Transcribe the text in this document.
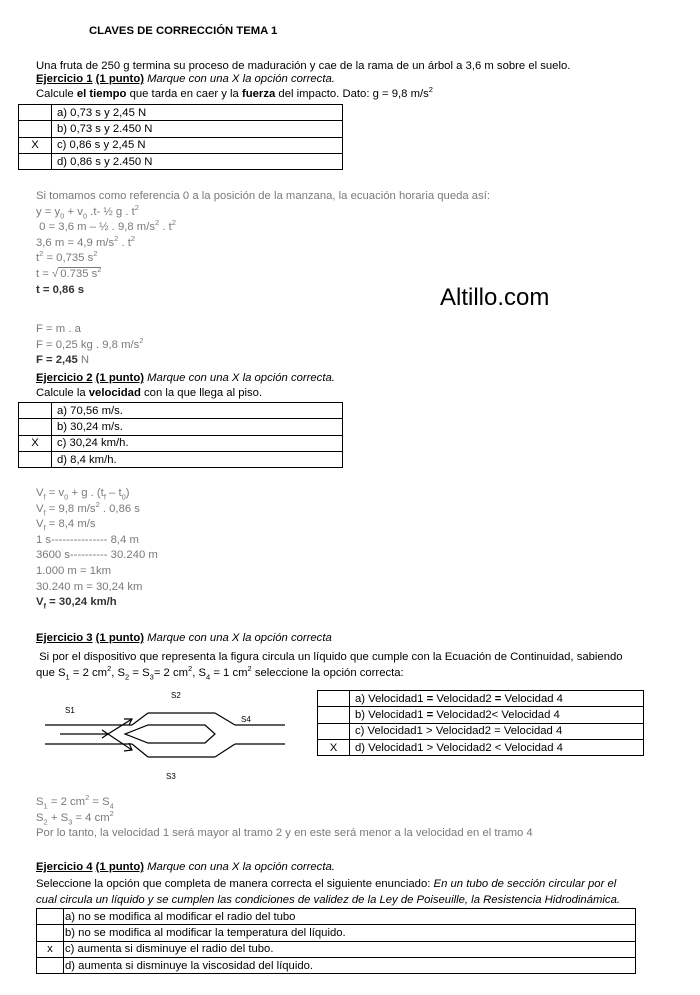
CLAVES DE CORRECCIÓN TEMA 1
Altillo.com
Una fruta de 250 g termina su proceso de maduración y cae de la rama de un árbol a 3,6 m sobre el suelo.
Ejercicio 1 (1 punto) Marque con una X la opción correcta.
Calcule el tiempo que tarda en caer y la fuerza del impacto. Dato: g = 9,8 $m/s^2$
	a) 0,73 s y 2,45 N
	b) 0,73 s y 2.450 N
X	c) 0,86 s y 2,45 N
	d) 0,86 s y 2.450 N
Si tomamos como referencia 0 a la posición de la manzana, la ecuación horaria queda así:
$y = y_0 + v_0$ .t- ½ g . $t^2$
0 = 3,6 m – ½ . 9,8 $m/s^2$ . $t^2$
3,6 m = 4,9 $m/s^2$ . $t^2$
$t^2 = 0,735$ $s^2$
t = √ 0.735 $s^2$
t = 0,86 s
F = m . a
F = 0,25 kg . 9,8 $m/s^2$
F = 2,45 N
Ejercicio 2 (1 punto) Marque con una X la opción correcta.
Calcule la velocidad con la que llega al piso.
	a) 70,56 m/s.
	b) 30,24 m/s.
X	c) 30,24 km/h.
	d) 8,4 km/h.
$V_f = v_0 + g$ . $(t_f - t_0)$
$V_f = 9,8$ $m/s^2$ . 0,86 s
$V_f = 8,4$ m/s
1 s--------------- 8,4 m
3600 s---------- 30.240 m
1.000 m = 1km
30.240 m = 30,24 km
$V_f = 30,24$ km/h
Ejercicio 3 (1 punto) Marque con una X la opción correcta
Si por el dispositivo que representa la figura circula un líquido que cumple con la Ecuación de Continuidad, sabiendo
que $S_1 = 2$ $cm^2$, $S_2 = S_3= 2$ $cm^2$, $S_4 = 1$ $cm^2$ seleccione la opción correcta:
S1
S2
S4
S3
	a) Velocidad1 = Velocidad2 = Velocidad 4
	b) Velocidad1 = Velocidad2< Velocidad 4
	c) Velocidad1 > Velocidad2 = Velocidad 4
X	d) Velocidad1 > Velocidad2 < Velocidad 4
$S_1 = 2$ $cm^2 = S_4$
$S_2 + S_3 = 4$ $cm^2$
Por lo tanto, la velocidad 1 será mayor al tramo 2 y en este será menor a la velocidad en el tramo 4
Ejercicio 4 (1 punto) Marque con una X la opción correcta.
Seleccione la opción que completa de manera correcta el siguiente enunciado: En un tubo de sección circular por el
cual circula un líquido y se cumplen las condiciones de validez de la Ley de Poiseuille, la Resistencia Hidrodinámica.
	a) no se modifica al modificar el radio del tubo
	b) no se modifica al modificar la temperatura del líquido.
x	c) aumenta si disminuye el radio del tubo.
	d) aumenta si disminuye la viscosidad del líquido.
